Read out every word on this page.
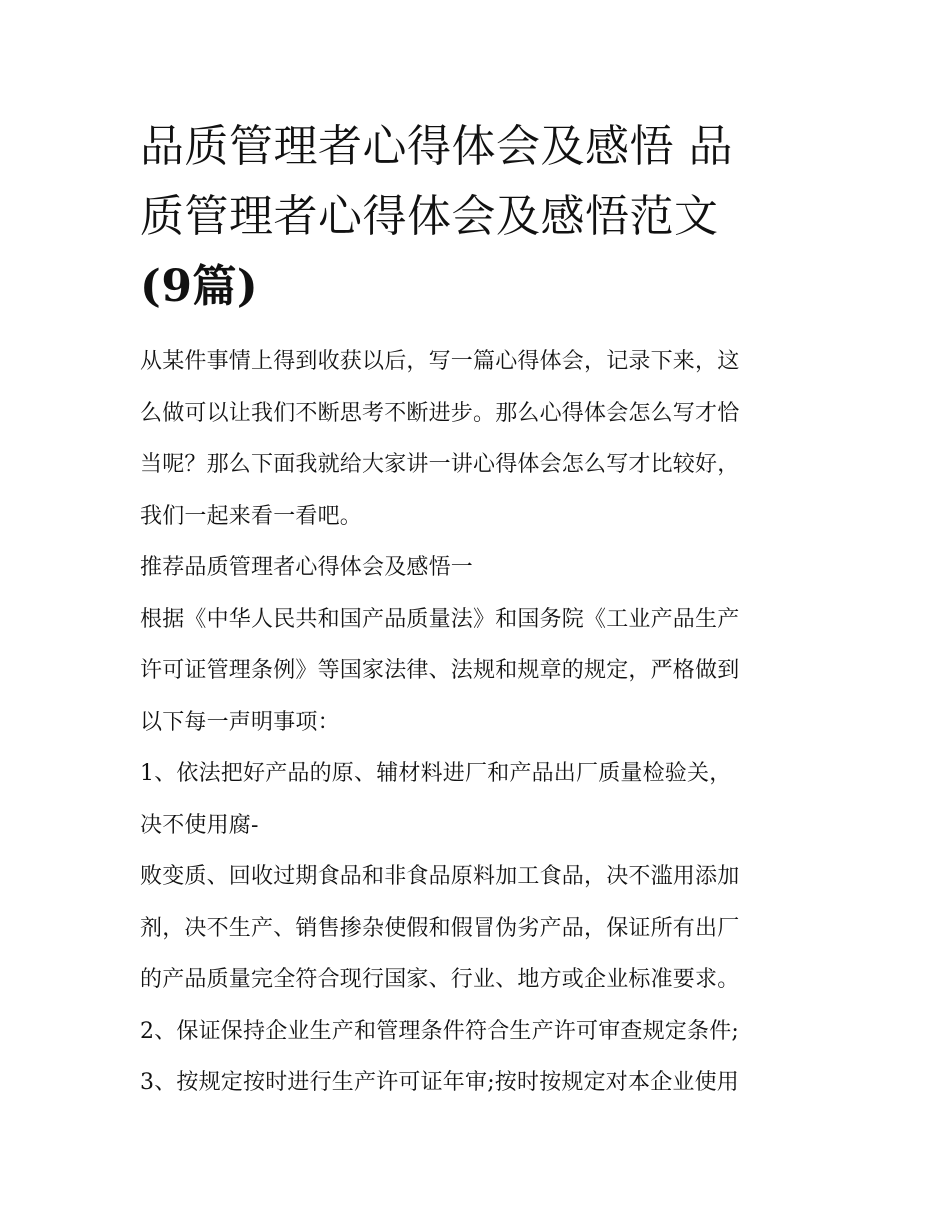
品质管理者心得体会及感悟 品
质管理者心得体会及感悟范文
(9篇)
从某件事情上得到收获以后，写一篇心得体会，记录下来，这
么做可以让我们不断思考不断进步。那么心得体会怎么写才恰
当呢？那么下面我就给大家讲一讲心得体会怎么写才比较好，
我们一起来看一看吧。
推荐品质管理者心得体会及感悟一
根据《中华人民共和国产品质量法》和国务院《工业产品生产
许可证管理条例》等国家法律、法规和规章的规定，严格做到
以下每一声明事项：
1、依法把好产品的原、辅材料进厂和产品出厂质量检验关，
决不使用腐-
败变质、回收过期食品和非食品原料加工食品，决不滥用添加
剂，决不生产、销售掺杂使假和假冒伪劣产品，保证所有出厂
的产品质量完全符合现行国家、行业、地方或企业标准要求。
2、保证保持企业生产和管理条件符合生产许可审查规定条件;
3、按规定按时进行生产许可证年审;按时按规定对本企业使用
